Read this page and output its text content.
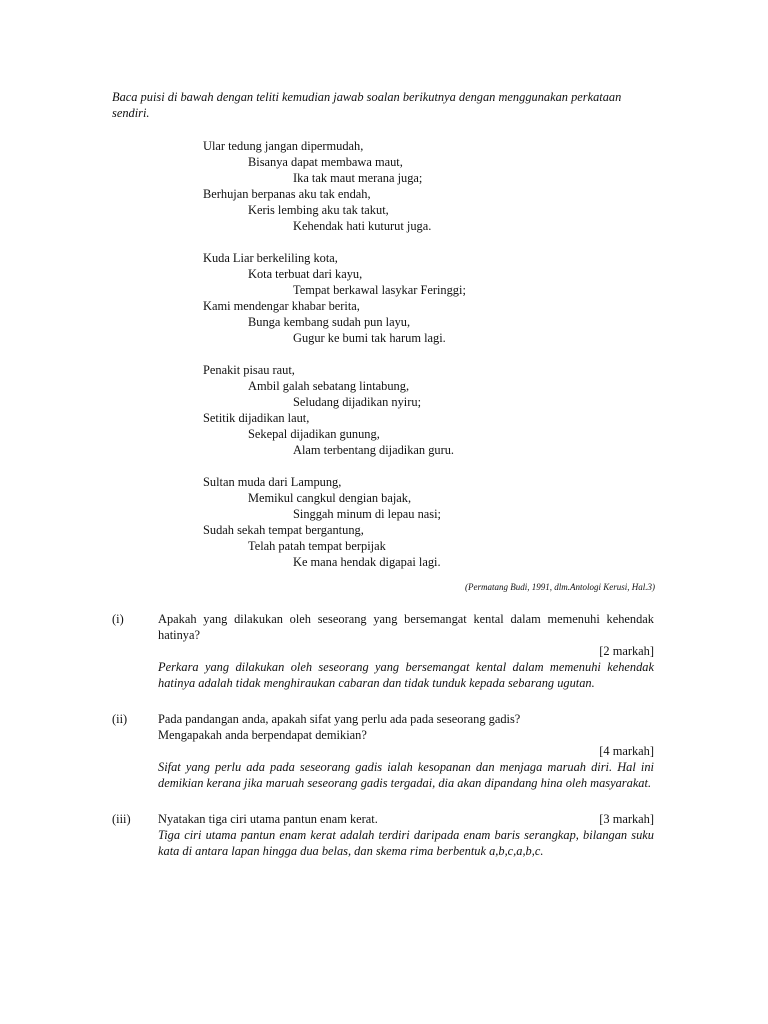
Baca puisi di bawah dengan teliti kemudian jawab soalan berikutnya dengan menggunakan perkataan sendiri.
Ular tedung jangan dipermudah,
Bisanya dapat membawa maut,
Ika tak maut merana juga;
Berhujan berpanas aku tak endah,
Keris lembing aku tak takut,
Kehendak hati kuturut juga.
Kuda Liar berkeliling kota,
Kota terbuat dari kayu,
Tempat berkawal lasykar Feringgi;
Kami mendengar khabar berita,
Bunga kembang sudah pun layu,
Gugur ke bumi tak harum lagi.
Penakit pisau raut,
Ambil galah sebatang lintabung,
Seludang dijadikan nyiru;
Setitik dijadikan laut,
Sekepal dijadikan gunung,
Alam terbentang dijadikan guru.
Sultan muda dari Lampung,
Memikul cangkul dengian bajak,
Singgah minum di lepau nasi;
Sudah sekah tempat bergantung,
Telah patah tempat berpijak
Ke mana hendak digapai lagi.
(Permatang Budi, 1991, dlm.Antologi Kerusi, Hal.3)
(i)	Apakah yang dilakukan oleh seseorang yang bersemangat kental dalam memenuhi kehendak hatinya?
[2 markah]
Perkara yang dilakukan oleh seseorang yang bersemangat kental dalam memenuhi kehendak hatinya adalah tidak menghiraukan cabaran dan tidak tunduk kepada sebarang ugutan.
(ii) Pada pandangan anda, apakah sifat yang perlu ada pada seseorang gadis?
Mengapakah anda berpendapat demikian?
[4 markah]
Sifat yang perlu ada pada seseorang gadis ialah kesopanan dan menjaga maruah diri. Hal ini demikian kerana jika maruah seseorang gadis tergadai, dia akan dipandang hina oleh masyarakat.
(iii)	[3 markah]
Nyatakan tiga ciri utama pantun enam kerat.
Tiga ciri utama pantun enam kerat adalah terdiri daripada enam baris serangkap, bilangan suku kata di antara lapan hingga dua belas, dan skema rima berbentuk a,b,c,a,b,c.
